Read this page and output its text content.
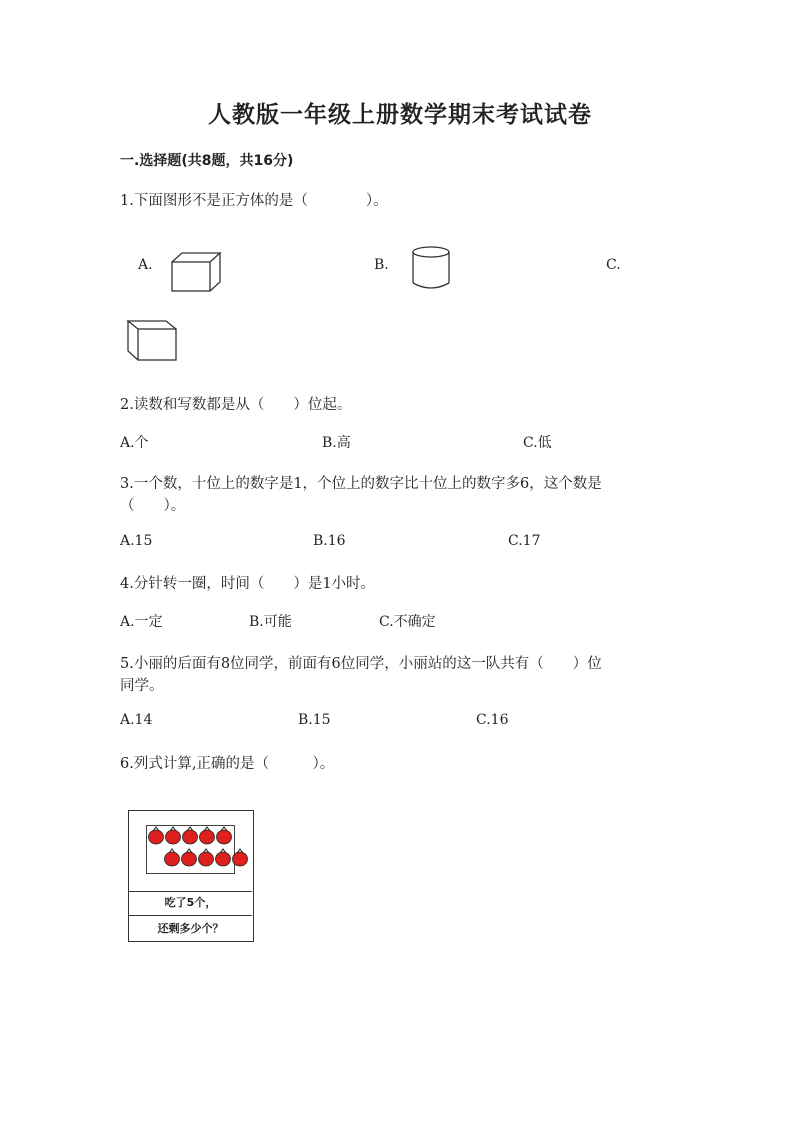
人教版一年级上册数学期末考试试卷
一.选择题(共8题，共16分)
1.下面图形不是正方体的是（　　　　）。
A.	B.	C.
2.读数和写数都是从（　　）位起。
A.个	B.高	C.低
3.一个数，十位上的数字是1，个位上的数字比十位上的数字多6，这个数是
（　　）。
A.15	B.16	C.17
4.分针转一圈，时间（　　）是1小时。
A.一定	B.可能	C.不确定
5.小丽的后面有8位同学，前面有6位同学，小丽站的这一队共有（　　）位
同学。
A.14	B.15	C.16
6.列式计算,正确的是（　　　）。
吃了5个，
还剩多少个？
